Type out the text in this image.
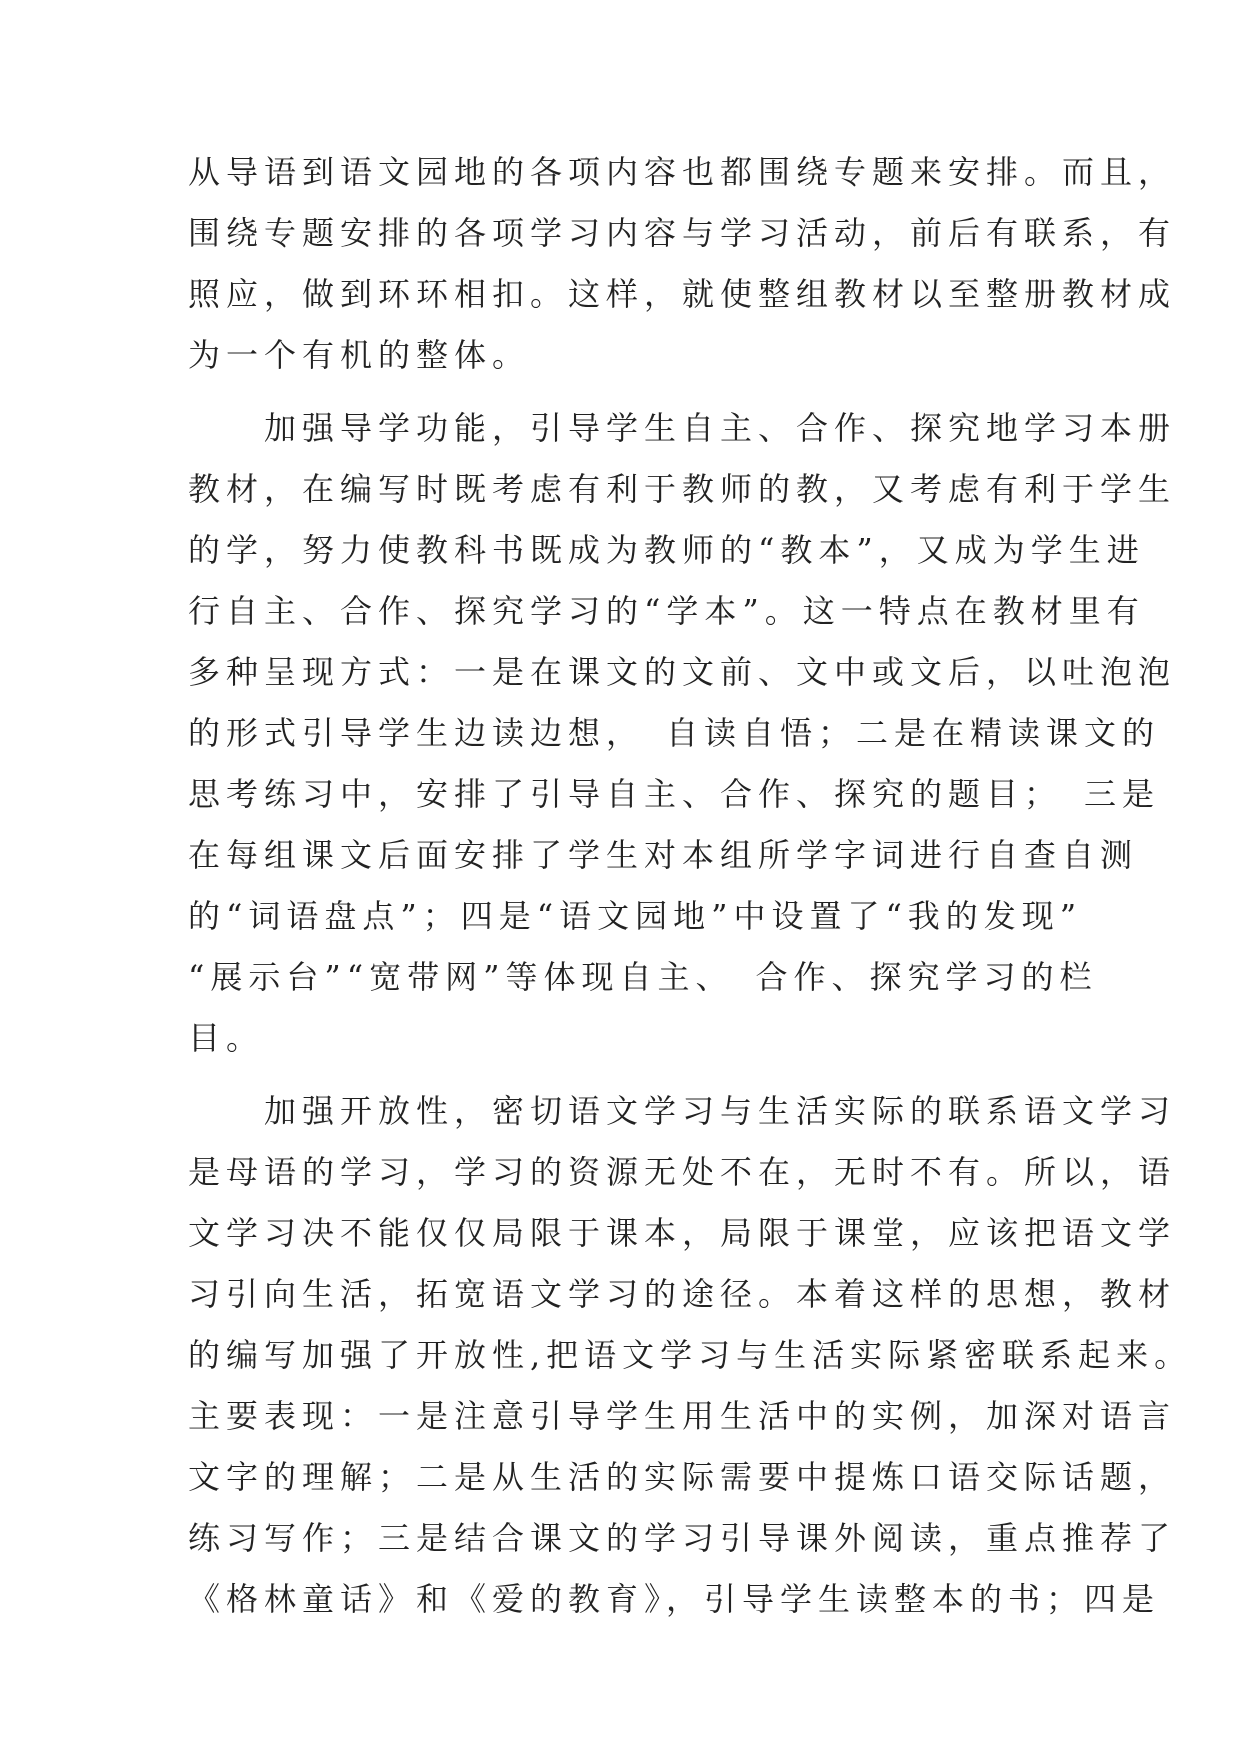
从导语到语文园地的各项内容也都围绕专题来安排。而且，
围绕专题安排的各项学习内容与学习活动，前后有联系，有
照应，做到环环相扣。这样，就使整组教材以至整册教材成
为一个有机的整体。
　　加强导学功能，引导学生自主、合作、探究地学习本册
教材，在编写时既考虑有利于教师的教，又考虑有利于学生
的学，努力使教科书既成为教师的“教本”，又成为学生进
行自主、合作、探究学习的“学本”。这一特点在教材里有
多种呈现方式：一是在课文的文前、文中或文后，以吐泡泡
的形式引导学生边读边想，　自读自悟；二是在精读课文的
思考练习中，安排了引导自主、合作、探究的题目；　三是
在每组课文后面安排了学生对本组所学字词进行自查自测
的“词语盘点”；四是“语文园地”中设置了“我的发现”
“展示台”“宽带网”等体现自主、　合作、探究学习的栏
目。
　　加强开放性，密切语文学习与生活实际的联系语文学习
是母语的学习，学习的资源无处不在，无时不有。所以，语
文学习决不能仅仅局限于课本，局限于课堂，应该把语文学
习引向生活，拓宽语文学习的途径。本着这样的思想，教材
的编写加强了开放性,把语文学习与生活实际紧密联系起来。
主要表现：一是注意引导学生用生活中的实例，加深对语言
文字的理解；二是从生活的实际需要中提炼口语交际话题，
练习写作；三是结合课文的学习引导课外阅读，重点推荐了
《格林童话》和《爱的教育》，引导学生读整本的书；四是
